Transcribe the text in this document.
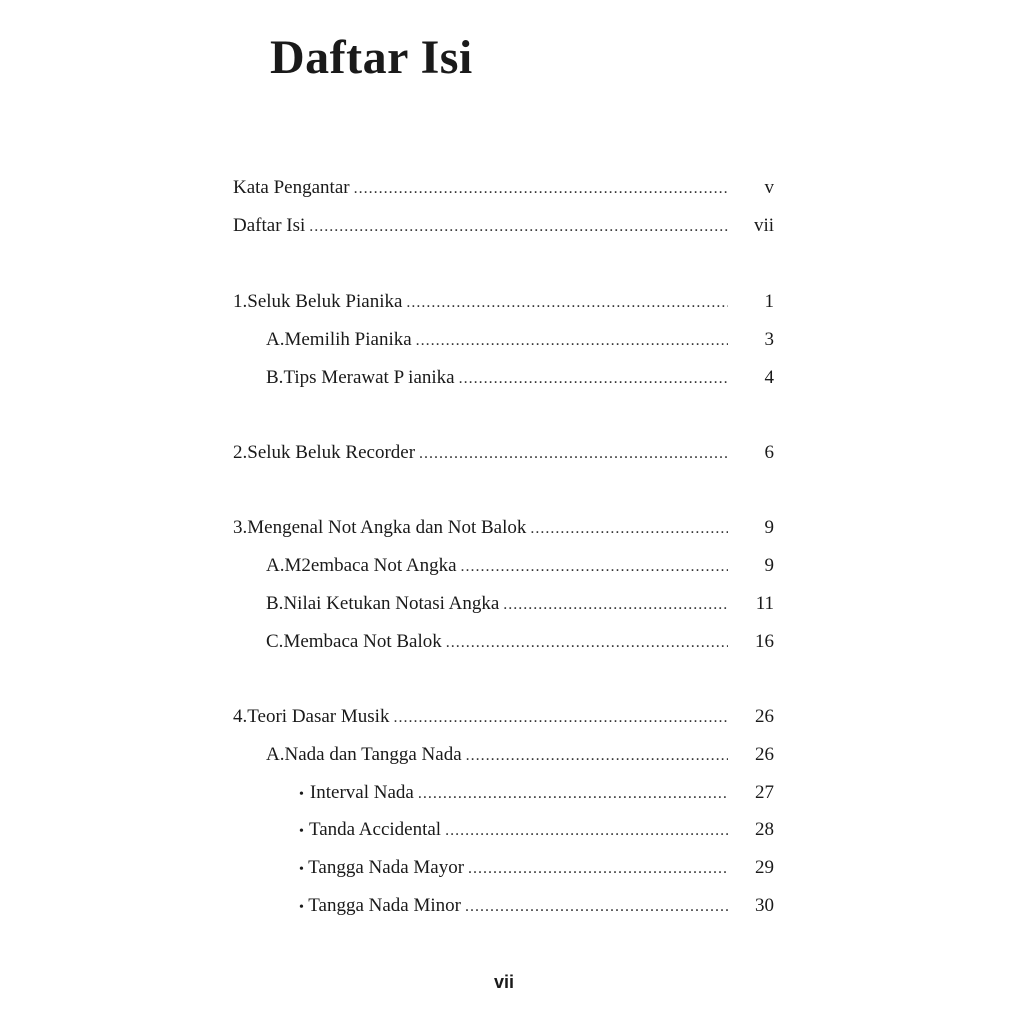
Daftar Isi
Kata Pengantar .....	v
Daftar Isi .....	vii
1. Seluk Beluk Pianika .....	1
A. Memilih Pianika .....	3
B. Tips Merawat P ianika .....	4
2. Seluk Beluk Recorder .....	6
3. Mengenal Not Angka dan Not Balok .....	9
A. M2embaca Not Angka .....	9
B. Nilai Ketukan Notasi Angka .....	11
C. Membaca Not Balok .....	16
4. Teori Dasar Musik .....	26
A. Nada dan Tangga Nada .....	26
• Interval Nada .....	27
• Tanda Accidental .....	28
• Tangga Nada Mayor .....	29
• Tangga Nada Minor .....	30
vii
